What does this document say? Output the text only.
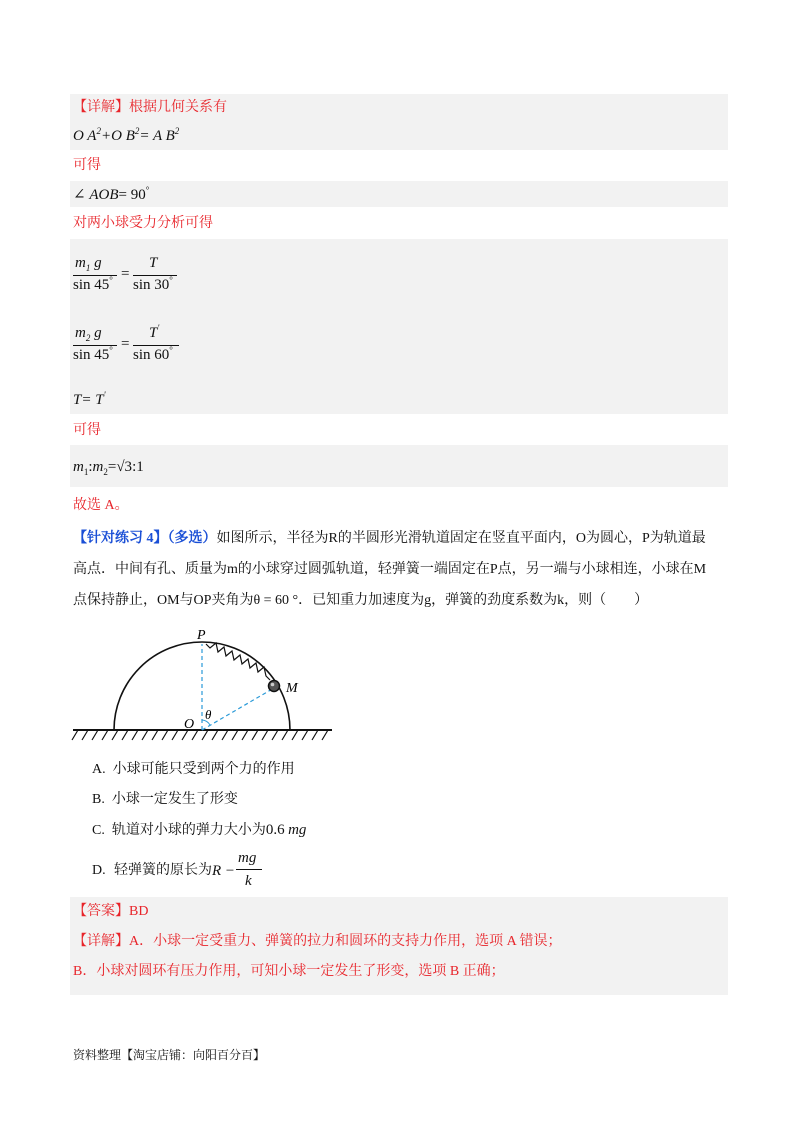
【详解】根据几何关系有
O $A^2+O$ $B^2= A$ $B^2$
可得
∠ AOB= 90°
对两小球受力分析可得
$m_1$ g
sin 45° =
T
sin 30°
$m_2$ g
sin 45° =
T'
sin 60°
T= T'
可得
$m_1:m_2=√3:1$
故选 A。
【针对练习 4】（多选）如图所示，半径为R的半圆形光滑轨道固定在竖直平面内，O为圆心，P为轨道最
高点．中间有孔、质量为m的小球穿过圆弧轨道，轻弹簧一端固定在P点，另一端与小球相连，小球在M
点保持静止，OM与OP夹角为θ = 60 °．已知重力加速度为g，弹簧的劲度系数为k，则（　　）
P
M
O
θ
A. 小球可能只受到两个力的作用
B. 小球一定发生了形变
C. 轨道对小球的弹力大小为0.6 mg
D. 轻弹簧的原长为 R −
mg
k
【答案】BD
【详解】A．小球一定受重力、弹簧的拉力和圆环的支持力作用，选项 A 错误；
B．小球对圆环有压力作用，可知小球一定发生了形变，选项 B 正确；
资料整理【淘宝店铺：向阳百分百】
